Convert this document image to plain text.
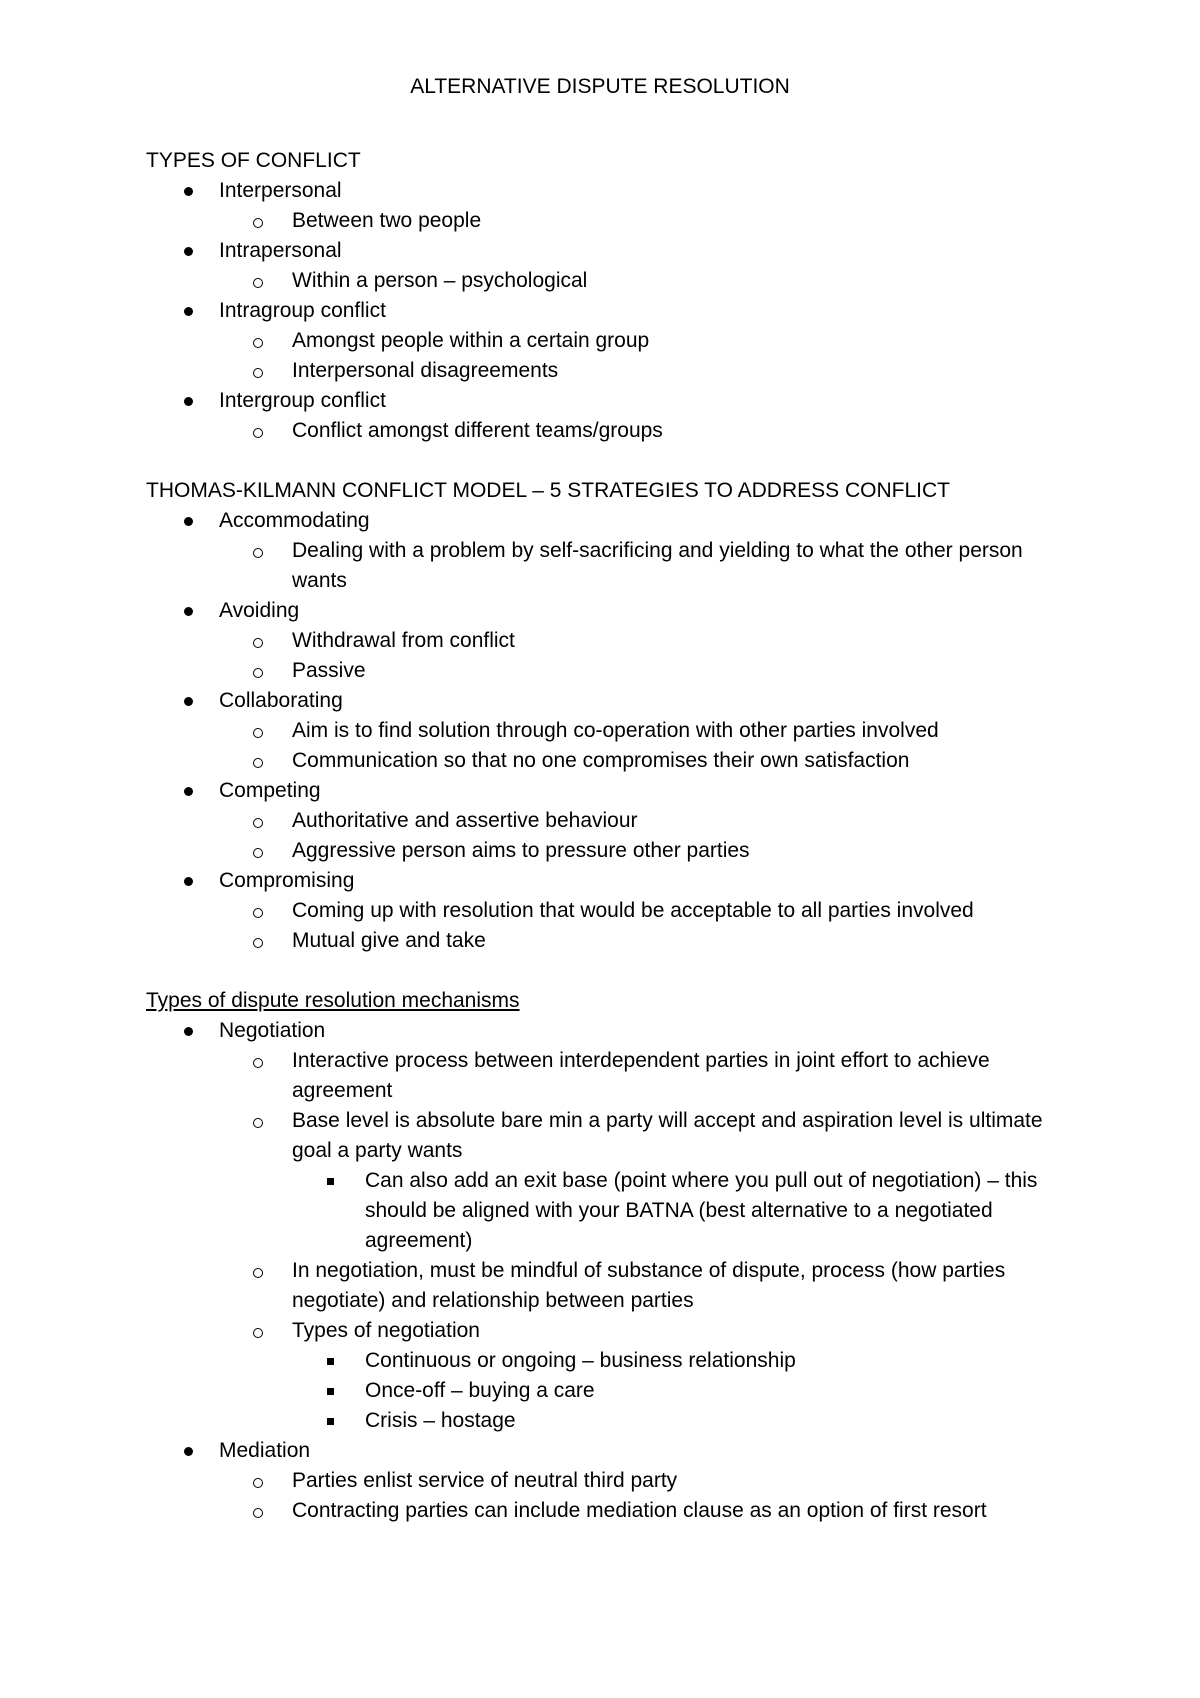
ALTERNATIVE DISPUTE RESOLUTION
TYPES OF CONFLICT
Interpersonal
Between two people
Intrapersonal
Within a person – psychological
Intragroup conflict
Amongst people within a certain group
Interpersonal disagreements
Intergroup conflict
Conflict amongst different teams/groups
THOMAS-KILMANN CONFLICT MODEL – 5 STRATEGIES TO ADDRESS CONFLICT
Accommodating
Dealing with a problem by self-sacrificing and yielding to what the other person wants
Avoiding
Withdrawal from conflict
Passive
Collaborating
Aim is to find solution through co-operation with other parties involved
Communication so that no one compromises their own satisfaction
Competing
Authoritative and assertive behaviour
Aggressive person aims to pressure other parties
Compromising
Coming up with resolution that would be acceptable to all parties involved
Mutual give and take
Types of dispute resolution mechanisms
Negotiation
Interactive process between interdependent parties in joint effort to achieve agreement
Base level is absolute bare min a party will accept and aspiration level is ultimate goal a party wants
Can also add an exit base (point where you pull out of negotiation) – this should be aligned with your BATNA (best alternative to a negotiated agreement)
In negotiation, must be mindful of substance of dispute, process (how parties negotiate) and relationship between parties
Types of negotiation
Continuous or ongoing – business relationship
Once-off – buying a care
Crisis – hostage
Mediation
Parties enlist service of neutral third party
Contracting parties can include mediation clause as an option of first resort
